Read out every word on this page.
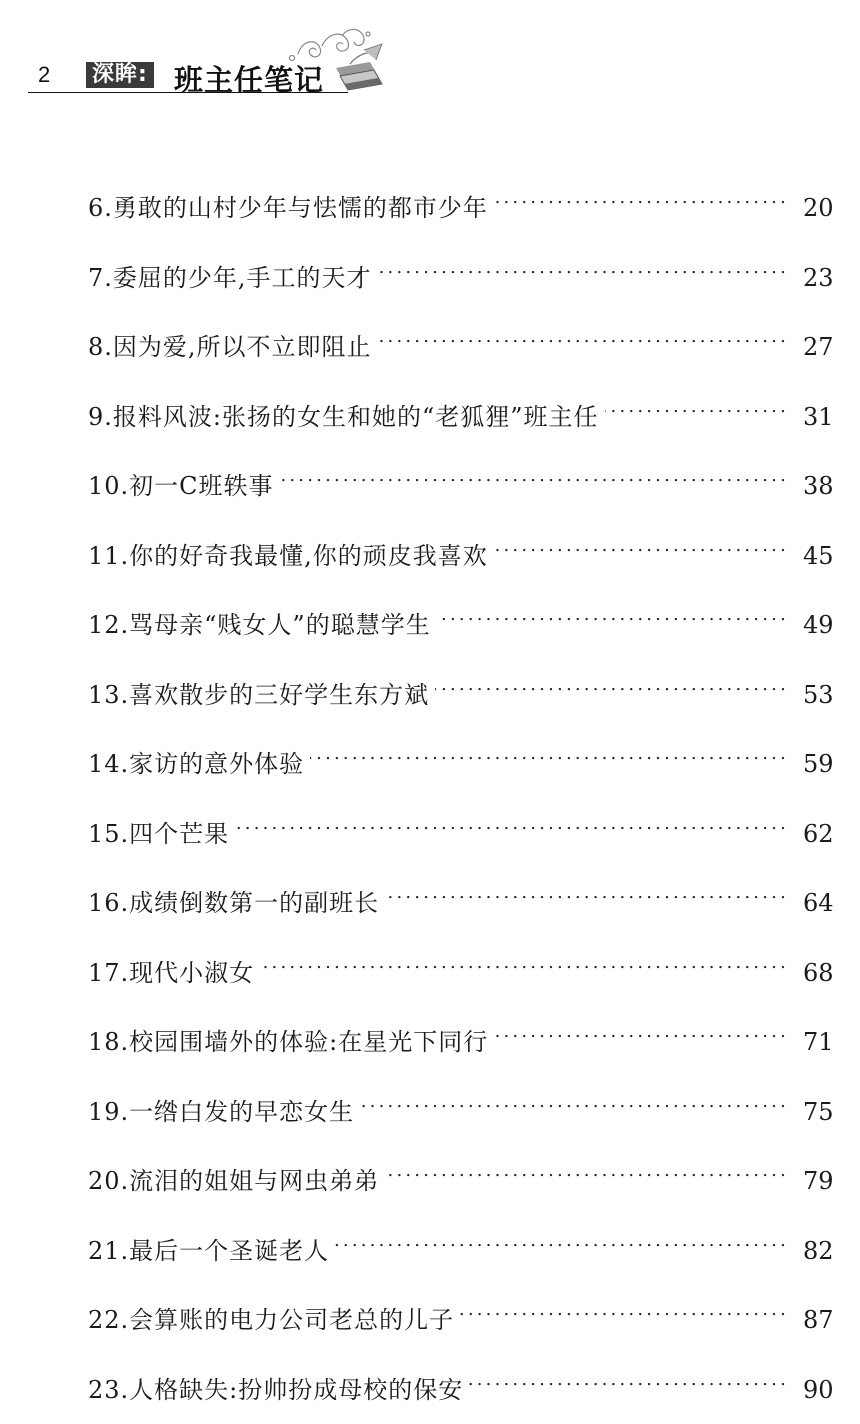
2 深眸: 班主任笔记
6.勇敢的山村少年与怯懦的都市少年 .....	20
7.委屈的少年,手工的天才 .....	23
8.因为爱,所以不立即阻止 .....	27
9.报料风波:张扬的女生和她的“老狐狸”班主任 .....	31
10.初一C班轶事 .....	38
11.你的好奇我最懂,你的顽皮我喜欢 .....	45
12.骂母亲“贱女人”的聪慧学生 .....	49
13.喜欢散步的三好学生东方斌 .....	53
14.家访的意外体验 .....	59
15.四个芒果 .....	62
16.成绩倒数第一的副班长 .....	64
17.现代小淑女 .....	68
18.校园围墙外的体验:在星光下同行 .....	71
19.一绺白发的早恋女生 .....	75
20.流泪的姐姐与网虫弟弟 .....	79
21.最后一个圣诞老人 .....	82
22.会算账的电力公司老总的儿子 .....	87
23.人格缺失:扮帅扮成母校的保安 .....	90
